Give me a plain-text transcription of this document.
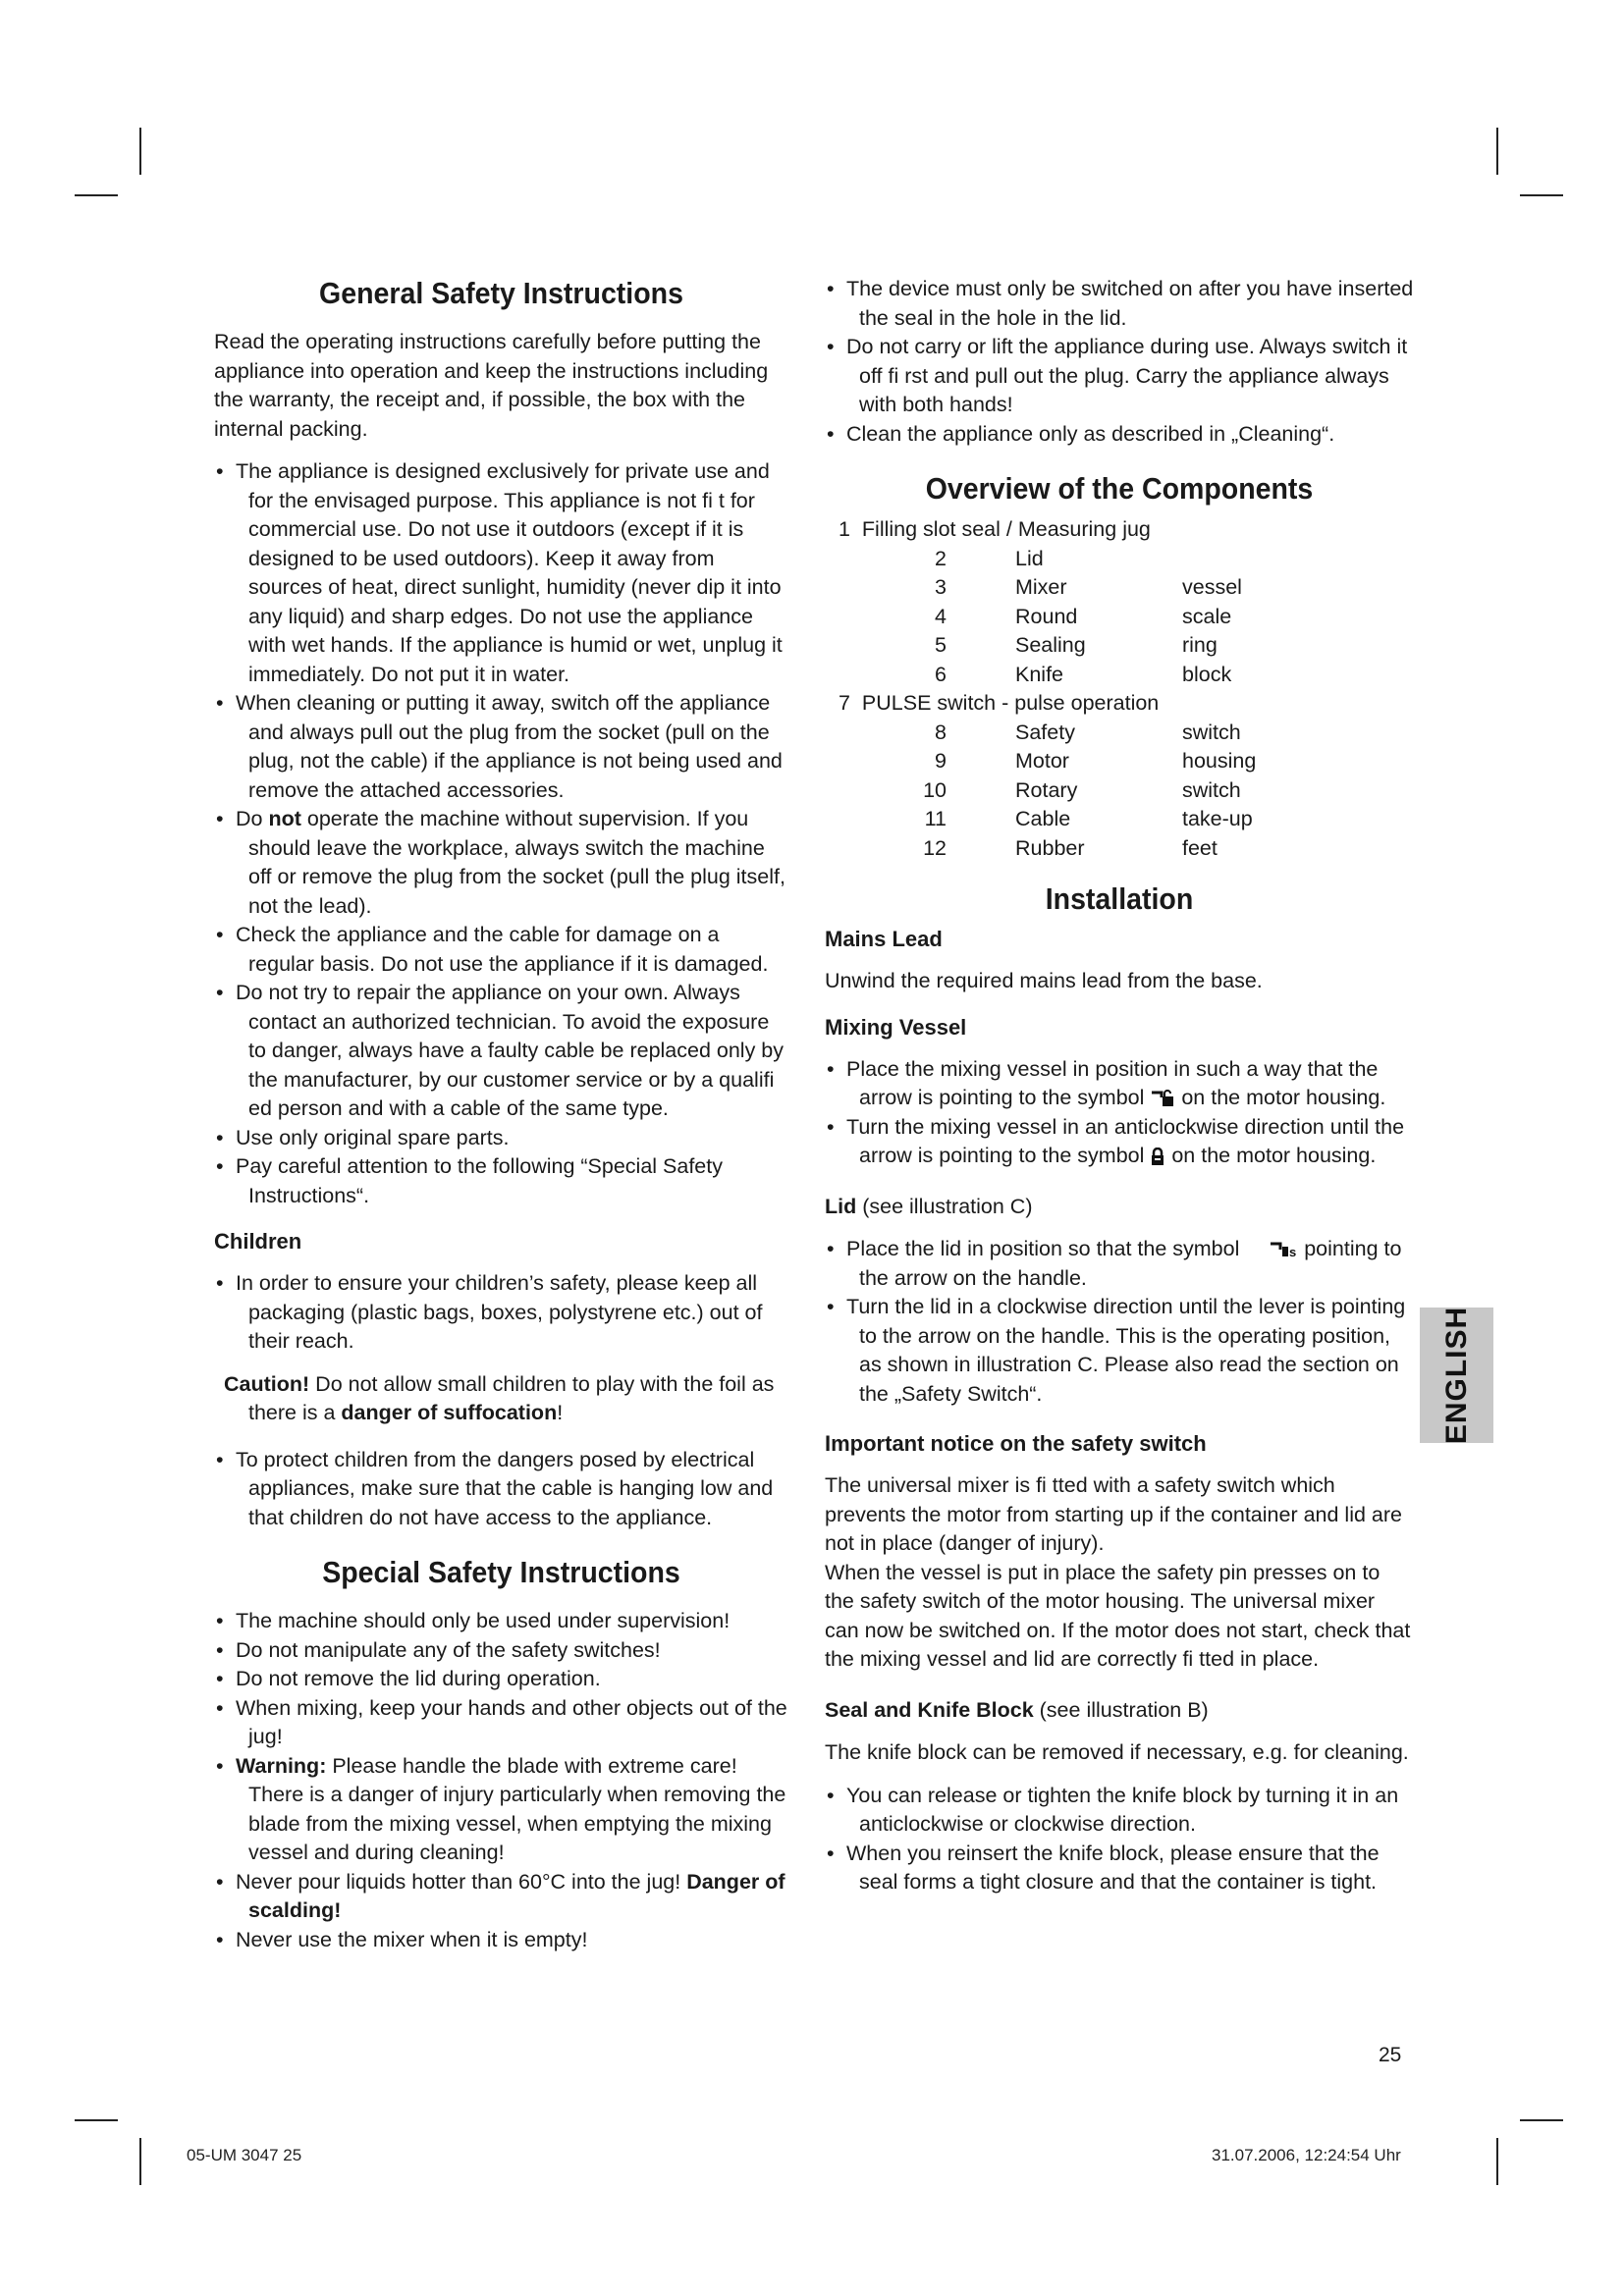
General Safety Instructions

Read the operating instructions carefully before putting the appliance into operation and keep the instructions including the warranty, the receipt and, if possible, the box with the internal packing.

• The appliance is designed exclusively for private use and for the envisaged purpose. This appliance is not fi t for commercial use. Do not use it outdoors (except if it is designed to be used outdoors). Keep it away from sources of heat, direct sunlight, humidity (never dip it into any liquid) and sharp edges. Do not use the appliance with wet hands. If the appliance is humid or wet, unplug it immediately. Do not put it in water.
• When cleaning or putting it away, switch off the appliance and always pull out the plug from the socket (pull on the plug, not the cable) if the appliance is not being used and remove the attached accessories.
• Do not operate the machine without supervision. If you should leave the workplace, always switch the machine off or remove the plug from the socket (pull the plug itself, not the lead).
• Check the appliance and the cable for damage on a regular basis. Do not use the appliance if it is damaged.
• Do not try to repair the appliance on your own. Always contact an authorized technician. To avoid the exposure to danger, always have a faulty cable be replaced only by the manufacturer, by our customer service or by a qualifi ed person and with a cable of the same type.
• Use only original spare parts.
• Pay careful attention to the following “Special Safety Instructions“.
Children
• In order to ensure your children’s safety, please keep all packaging (plastic bags, boxes, polystyrene etc.) out of their reach.

Caution! Do not allow small children to play with the foil as there is a danger of suffocation!

• To protect children from the dangers posed by electrical appliances, make sure that the cable is hanging low and that children do not have access to the appliance.
Special Safety Instructions
• The machine should only be used under supervision!
• Do not manipulate any of the safety switches!
• Do not remove the lid during operation.
• When mixing, keep your hands and other objects out of the jug!
• Warning: Please handle the blade with extreme care! There is a danger of injury particularly when removing the blade from the mixing vessel, when emptying the mixing vessel and during cleaning!
• Never pour liquids hotter than 60°C into the jug! Danger of scalding!
• Never use the mixer when it is empty!
• The device must only be switched on after you have inserted the seal in the hole in the lid.
• Do not carry or lift the appliance during use. Always switch it off fi rst and pull out the plug. Carry the appliance always with both hands!
• Clean the appliance only as described in „Cleaning“.
Overview of the Components
1 Filling slot seal / Measuring jug		
2	Lid	
3	Mixer	vessel
4	Round	scale
5	Sealing	ring
6	Knife	block
7 PULSE switch - pulse operation		
8	Safety	switch
9	Motor	housing
10	Rotary	switch
11	Cable	take-up
12	Rubber	feet
Installation
Mains Lead

Unwind the required mains lead from the base.

Mixing Vessel
• Place the mixing vessel in position in such a way that the arrow is pointing to the symbol  on the motor housing.
• Turn the mixing vessel in an anticlockwise direction until the arrow is pointing to the symbol  on the motor housing.

Lid (see illustration C)

• Place the lid in position so that the symbol	s pointing to the arrow on the handle.
• Turn the lid in a clockwise direction until the lever is pointing to the arrow on the handle. This is the operating position, as shown in illustration C. Please also read the section on the „Safety Switch“.
Important notice on the safety switch

The universal mixer is fi tted with a safety switch which prevents the motor from starting up if the container and lid are not in place (danger of injury).

When the vessel is put in place the safety pin presses on to the safety switch of the motor housing. The universal mixer can now be switched on. If the motor does not start, check that the mixing vessel and lid are correctly fi tted in place.

Seal and Knife Block (see illustration B)

The knife block can be removed if necessary, e.g. for cleaning.

• You can release or tighten the knife block by turning it in an anticlockwise or clockwise direction.
• When you reinsert the knife block, please ensure that the seal forms a tight closure and that the container is tight.
ENGLISH
25
05-UM 3047 25	31.07.2006, 12:24:54 Uhr
